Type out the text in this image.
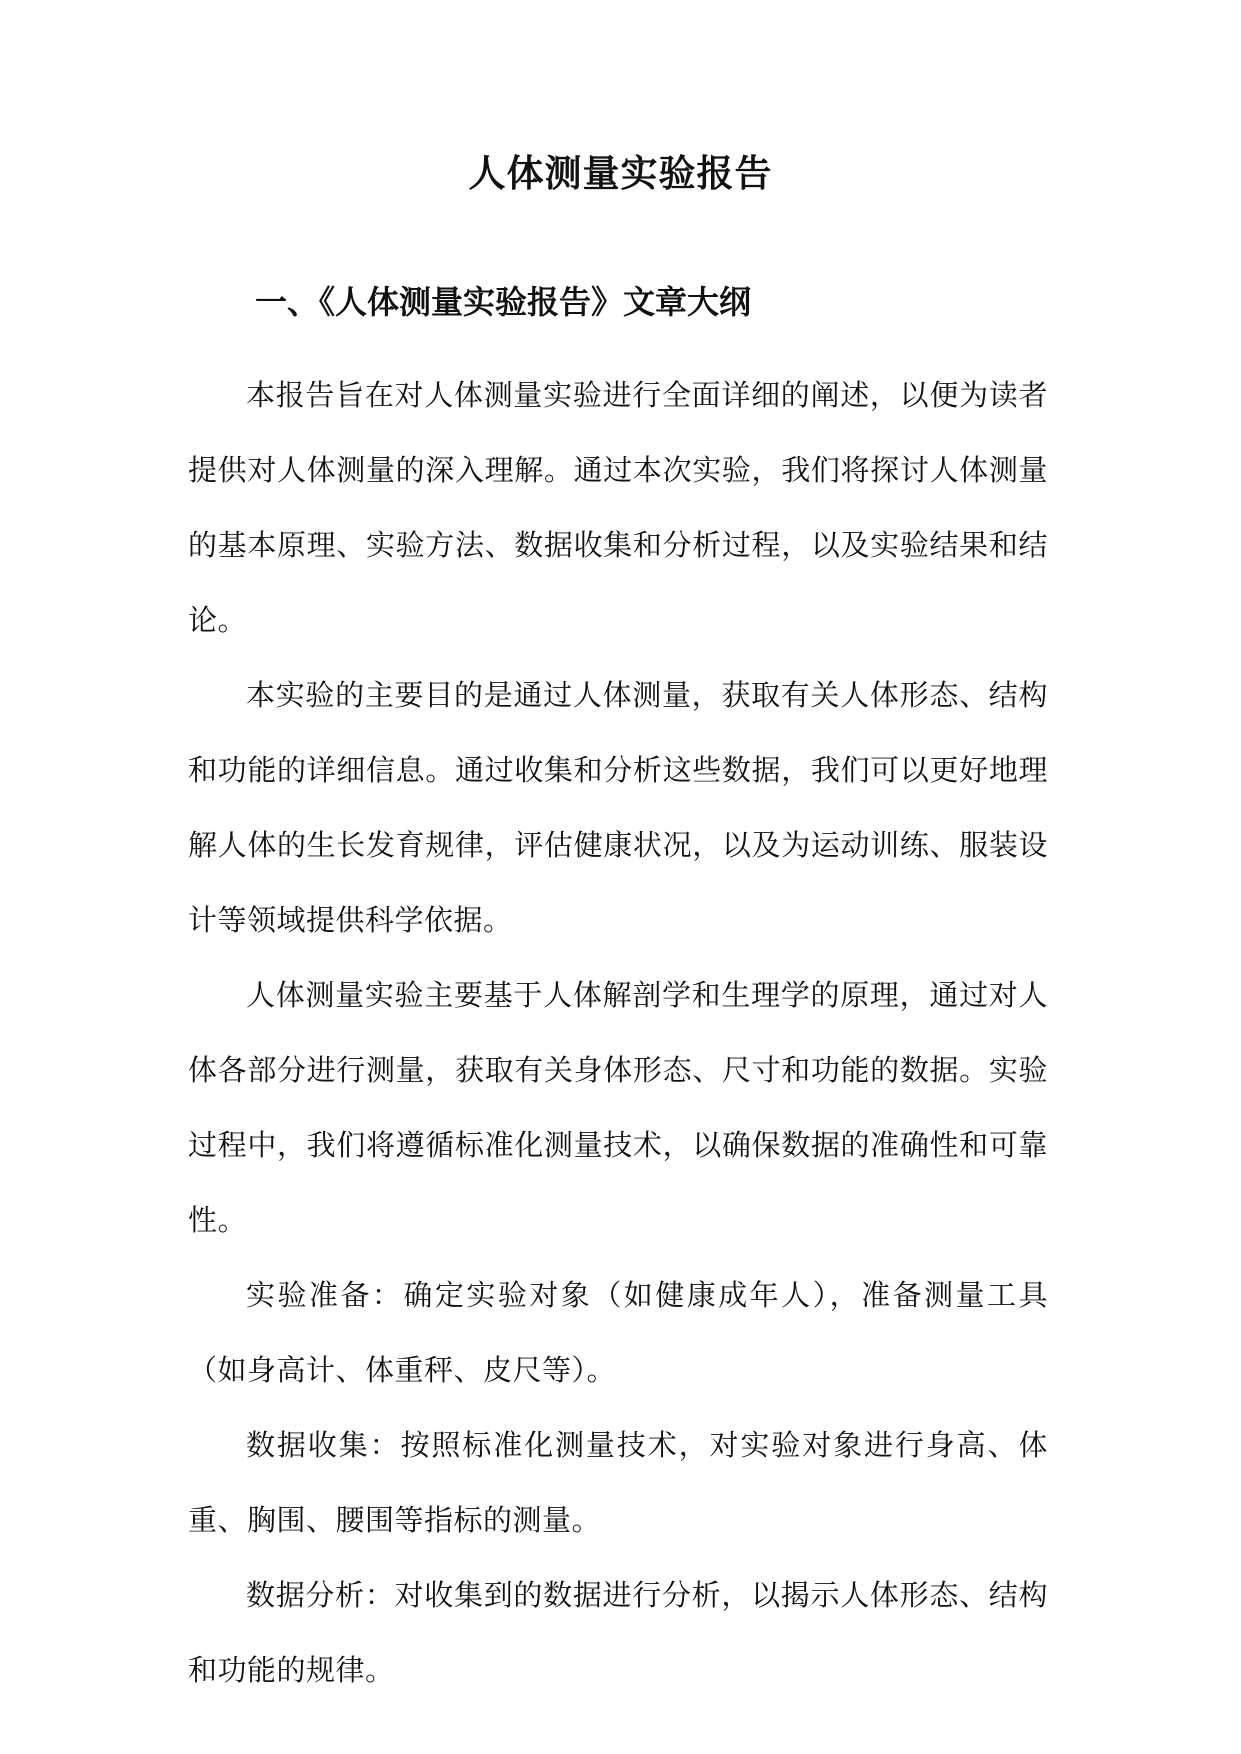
人体测量实验报告
一、《人体测量实验报告》文章大纲

本报告旨在对人体测量实验进行全面详细的阐述，以便为读者提供对人体测量的深入理解。通过本次实验，我们将探讨人体测量的基本原理、实验方法、数据收集和分析过程，以及实验结果和结论。

本实验的主要目的是通过人体测量，获取有关人体形态、结构和功能的详细信息。通过收集和分析这些数据，我们可以更好地理解人体的生长发育规律，评估健康状况，以及为运动训练、服装设计等领域提供科学依据。

人体测量实验主要基于人体解剖学和生理学的原理，通过对人体各部分进行测量，获取有关身体形态、尺寸和功能的数据。实验过程中，我们将遵循标准化测量技术，以确保数据的准确性和可靠性。

实验准备：确定实验对象（如健康成年人），准备测量工具（如身高计、体重秤、皮尺等）。

数据收集：按照标准化测量技术，对实验对象进行身高、体重、胸围、腰围等指标的测量。

数据分析：对收集到的数据进行分析，以揭示人体形态、结构和功能的规律。
